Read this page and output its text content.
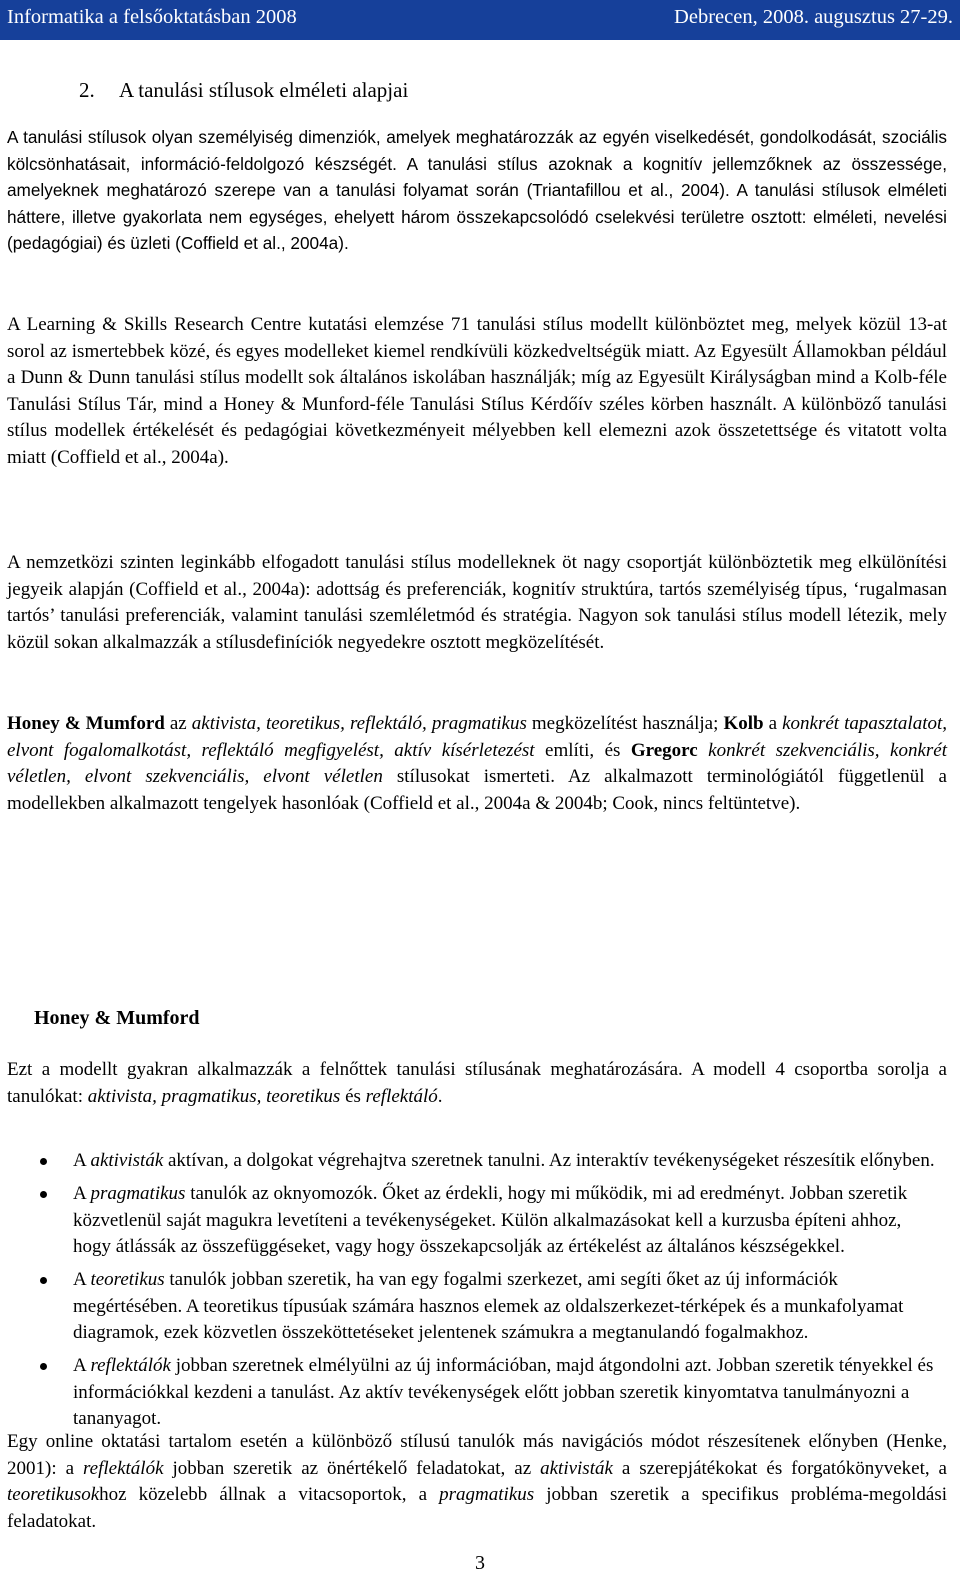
Informatika a felsőoktatásban 2008	Debrecen, 2008. augusztus 27-29.
2. A tanulási stílusok elméleti alapjai

A tanulási stílusok olyan személyiség dimenziók, amelyek meghatározzák az egyén viselkedését, gondolkodását, szociális kölcsönhatásait, információ-feldolgozó készségét. A tanulási stílus azoknak a kognitív jellemzőknek az összessége, amelyeknek meghatározó szerepe van a tanulási folyamat során (Triantafillou et al., 2004). A tanulási stílusok elméleti háttere, illetve gyakorlata nem egységes, ehelyett három összekapcsolódó cselekvési területre osztott: elméleti, nevelési (pedagógiai) és üzleti (Coffield et al., 2004a).

A Learning & Skills Research Centre kutatási elemzése 71 tanulási stílus modellt különböztet meg, melyek közül 13-at sorol az ismertebbek közé, és egyes modelleket kiemel rendkívüli közkedveltségük miatt. Az Egyesült Államokban például a Dunn & Dunn tanulási stílus modellt sok általános iskolában használják; míg az Egyesült Királyságban mind a Kolb-féle Tanulási Stílus Tár, mind a Honey & Munford-féle Tanulási Stílus Kérdőív széles körben használt. A különböző tanulási stílus modellek értékelését és pedagógiai következményeit mélyebben kell elemezni azok összetettsége és vitatott volta miatt (Coffield et al., 2004a).

A nemzetközi szinten leginkább elfogadott tanulási stílus modelleknek öt nagy csoportját különböztetik meg elkülönítési jegyeik alapján (Coffield et al., 2004a): adottság és preferenciák, kognitív struktúra, tartós személyiség típus, ‘rugalmasan tartós’ tanulási preferenciák, valamint tanulási szemléletmód és stratégia. Nagyon sok tanulási stílus modell létezik, mely közül sokan alkalmazzák a stílusdefiníciók negyedekre osztott megközelítését.

Honey & Mumford az aktivista, teoretikus, reflektáló, pragmatikus megközelítést használja; Kolb a konkrét tapasztalatot, elvont fogalomalkotást, reflektáló megfigyelést, aktív kísérletezést említi, és Gregorc konkrét szekvenciális, konkrét véletlen, elvont szekvenciális, elvont véletlen stílusokat ismerteti. Az alkalmazott terminológiától függetlenül a modellekben alkalmazott tengelyek hasonlóak (Coffield et al., 2004a & 2004b; Cook, nincs feltüntetve).

Honey & Mumford

Ezt a modellt gyakran alkalmazzák a felnőttek tanulási stílusának meghatározására. A modell 4 csoportba sorolja a tanulókat: aktivista, pragmatikus, teoretikus és reflektáló.

A aktivisták aktívan, a dolgokat végrehajtva szeretnek tanulni. Az interaktív tevékenységeket részesítik előnyben.
A pragmatikus tanulók az oknyomozók. Őket az érdekli, hogy mi működik, mi ad eredményt. Jobban szeretik közvetlenül saját magukra levetíteni a tevékenységeket. Külön alkalmazásokat kell a kurzusba építeni ahhoz, hogy átlássák az összefüggéseket, vagy hogy összekapcsolják az értékelést az általános készségekkel.
A teoretikus tanulók jobban szeretik, ha van egy fogalmi szerkezet, ami segíti őket az új információk megértésében. A teoretikus típusúak számára hasznos elemek az oldalszerkezet-térképek és a munkafolyamat diagramok, ezek közvetlen összeköttetéseket jelentenek számukra a megtanulandó fogalmakhoz.
A reflektálók jobban szeretnek elmélyülni az új információban, majd átgondolni azt. Jobban szeretik tényekkel és információkkal kezdeni a tanulást. Az aktív tevékenységek előtt jobban szeretik kinyomtatva tanulmányozni a tananyagot.

Egy online oktatási tartalom esetén a különböző stílusú tanulók más navigációs módot részesítenek előnyben (Henke, 2001): a reflektálók jobban szeretik az önértékelő feladatokat, az aktivisták a szerepjátékokat és forgatókönyveket, a teoretikusokhoz közelebb állnak a vitacsoportok, a pragmatikus jobban szeretik a specifikus probléma-megoldási feladatokat.

3
